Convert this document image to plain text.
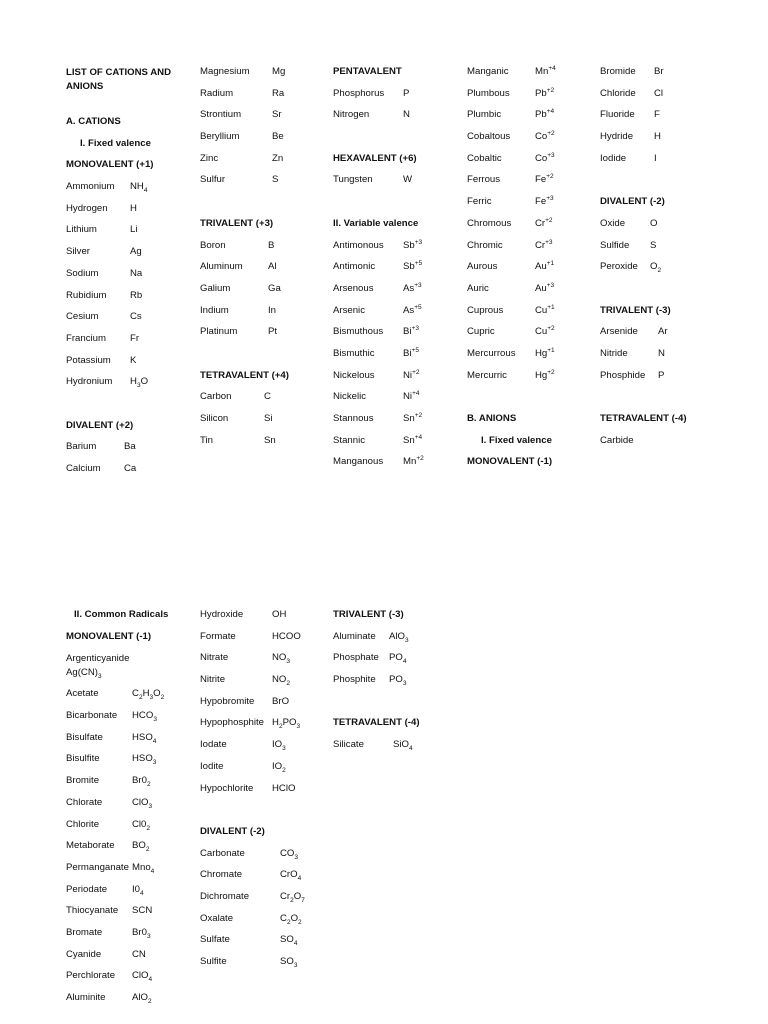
LIST OF CATIONS AND
ANIONS
A. CATIONS
I. Fixed valence
MONOVALENT (+1)
Ammonium $NH_4$
Hydrogen H
Lithium	Li
Silver	Ag
Sodium	Na
Rubidium Rb
Cesium	Cs
Francium	Fr
Potassium K
Hydronium $H_3O$
DIVALENT (+2)
Barium	Ba
Calcium Ca
Magnesium Mg
Radium	Ra
Strontium	Sr
Beryllium	Be
Zinc	Zn
Sulfur	S
TRIVALENT (+3)
Boron	B
Aluminum	Al
Galium	Ga
Indium	In
Platinum	Pt
TETRAVALENT (+4)
Carbon	C
Silicon	Si
Tin	Sn
PENTAVALENT
Phosphorus P
Nitrogen	N
HEXAVALENT (+6)
Tungsten	W
II. Variable valence
Antimonous $Sb^{+3}$
Antimonic	$Sb^{+5}$
Arsenous	$As^{+3}$
Arsenic	$As^{+5}$
Bismuthous $Bi^{+3}$
Bismuthic	$Bi^{+5}$
Nickelous	$Ni^{+2}$
Nickelic	$Ni^{+4}$
Stannous	$Sn^{+2}$
Stannic	$Sn^{+4}$
Manganous $Mn^{+2}$
Manganic	$Mn^{+4}$
Plumbous	$Pb^{+2}$
Plumbic	$Pb^{+4}$
Cobaltous	$Co^{+2}$
Cobaltic	$Co^{+3}$
Ferrous	$Fe^{+2}$
Ferric	$Fe^{+3}$
Chromous $Cr^{+2}$
Chromic	$Cr^{+3}$
Aurous	$Au^{+1}$
Auric	$Au^{+3}$
Cuprous	$Cu^{+1}$
Cupric	$Cu^{+2}$
Mercurrous $Hg^{+1}$
Mercurric	$Hg^{+2}$
B. ANIONS
I. Fixed valence
MONOVALENT (-1)
Bromide Br
Chloride Cl
Fluoride F
Hydride H
Iodide	I
DIVALENT (-2)
Oxide	O
Sulfide S
Peroxide $O_2$
TRIVALENT (-3)
Arsenide Ar
Nitride	N
Phosphide P
TETRAVALENT (-4)
Carbide
II. Common Radicals
MONOVALENT (-1)
Argenticyanide
$Ag(CN)_3$
Acetate	$C_2H_3O_2$
Bicarbonate $HCO_3$
Bisulfate	$HSO_4$
Bisulfite	$HSO_3$
Bromite	$Br0_2$
Chlorate	ClO$_3$
Chlorite	$Cl0_2$
Metaborate $BO_2$
Permanganate Mno$_4$
Periodate	$I0_4$
Thiocyanate SCN
Bromate	$Br0_3$
Cyanide	CN
Perchlorate ClO$_4$
Aluminite	AlO$_2$
Hydroxide	OH
Formate	HCOO
Nitrate	$NO_3$
Nitrite	$NO_2$
Hypobromite BrO
Hypophosphite $H_2PO_3$
Iodate	$IO_3$
Iodite	$IO_2$
Hypochlorite HClO
DIVALENT (-2)
Carbonate	$CO_3$
Chromate	CrO$_4$
Dichromate	$Cr_2O_7$
Oxalate	$C_2O_2$
Sulfate	$SO_4$
Sulfite	$SO_3$
TRIVALENT (-3)
Aluminate AlO$_3$
Phosphate $PO_4$
Phosphite $PO_3$
TETRAVALENT (-4)
Silicate	SiO$_4$
